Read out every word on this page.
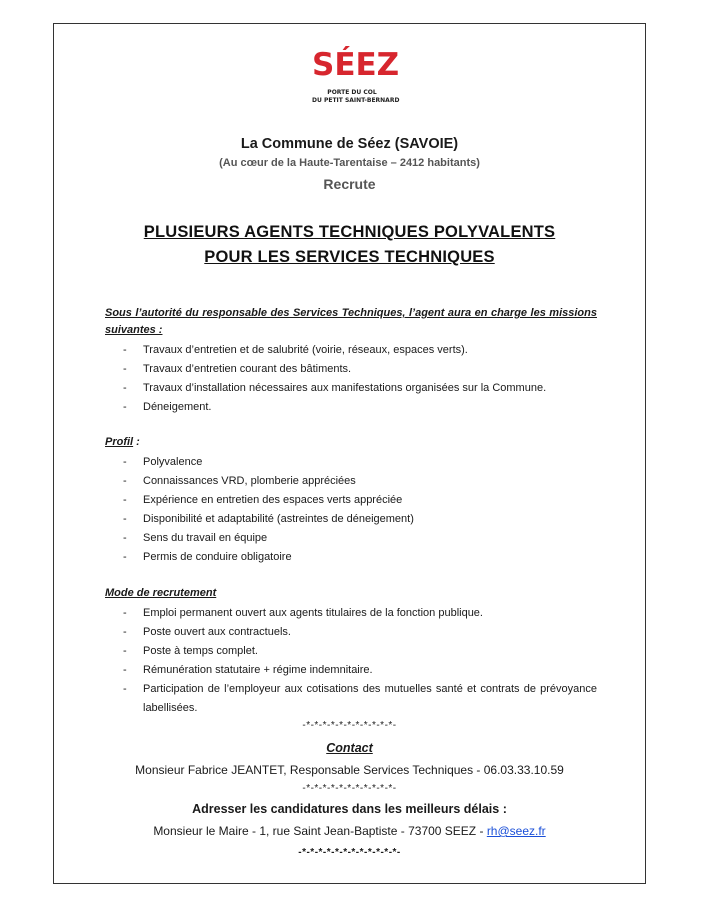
SÉEZ
PORTE DU COL
DU PETIT SAINT-BERNARD
La Commune de Séez (SAVOIE)
(Au cœur de la Haute-Tarentaise – 2412 habitants)
Recrute
PLUSIEURS AGENTS TECHNIQUES POLYVALENTS
POUR LES SERVICES TECHNIQUES
Sous l’autorité du responsable des Services Techniques, l’agent aura en charge les missions suivantes :
- Travaux d’entretien et de salubrité (voirie, réseaux, espaces verts).
- Travaux d’entretien courant des bâtiments.
- Travaux d’installation nécessaires aux manifestations organisées sur la Commune.
- Déneigement.
Profil :
- Polyvalence
- Connaissances VRD, plomberie appréciées
- Expérience en entretien des espaces verts appréciée
- Disponibilité et adaptabilité (astreintes de déneigement)
- Sens du travail en équipe
- Permis de conduire obligatoire
Mode de recrutement
- Emploi permanent ouvert aux agents titulaires de la fonction publique.
- Poste ouvert aux contractuels.
- Poste à temps complet.
- Rémunération statutaire + régime indemnitaire.
- Participation de l’employeur aux cotisations des mutuelles santé et contrats de prévoyance labellisées.
-*-*-*-*-*-*-*-*-*-*-*-
Contact
Monsieur Fabrice JEANTET, Responsable Services Techniques - 06.03.33.10.59
-*-*-*-*-*-*-*-*-*-*-*-
Adresser les candidatures dans les meilleurs délais :
Monsieur le Maire - 1, rue Saint Jean-Baptiste - 73700 SEEZ - rh@seez.fr
-*-*-*-*-*-*-*-*-*-*-*-*-
